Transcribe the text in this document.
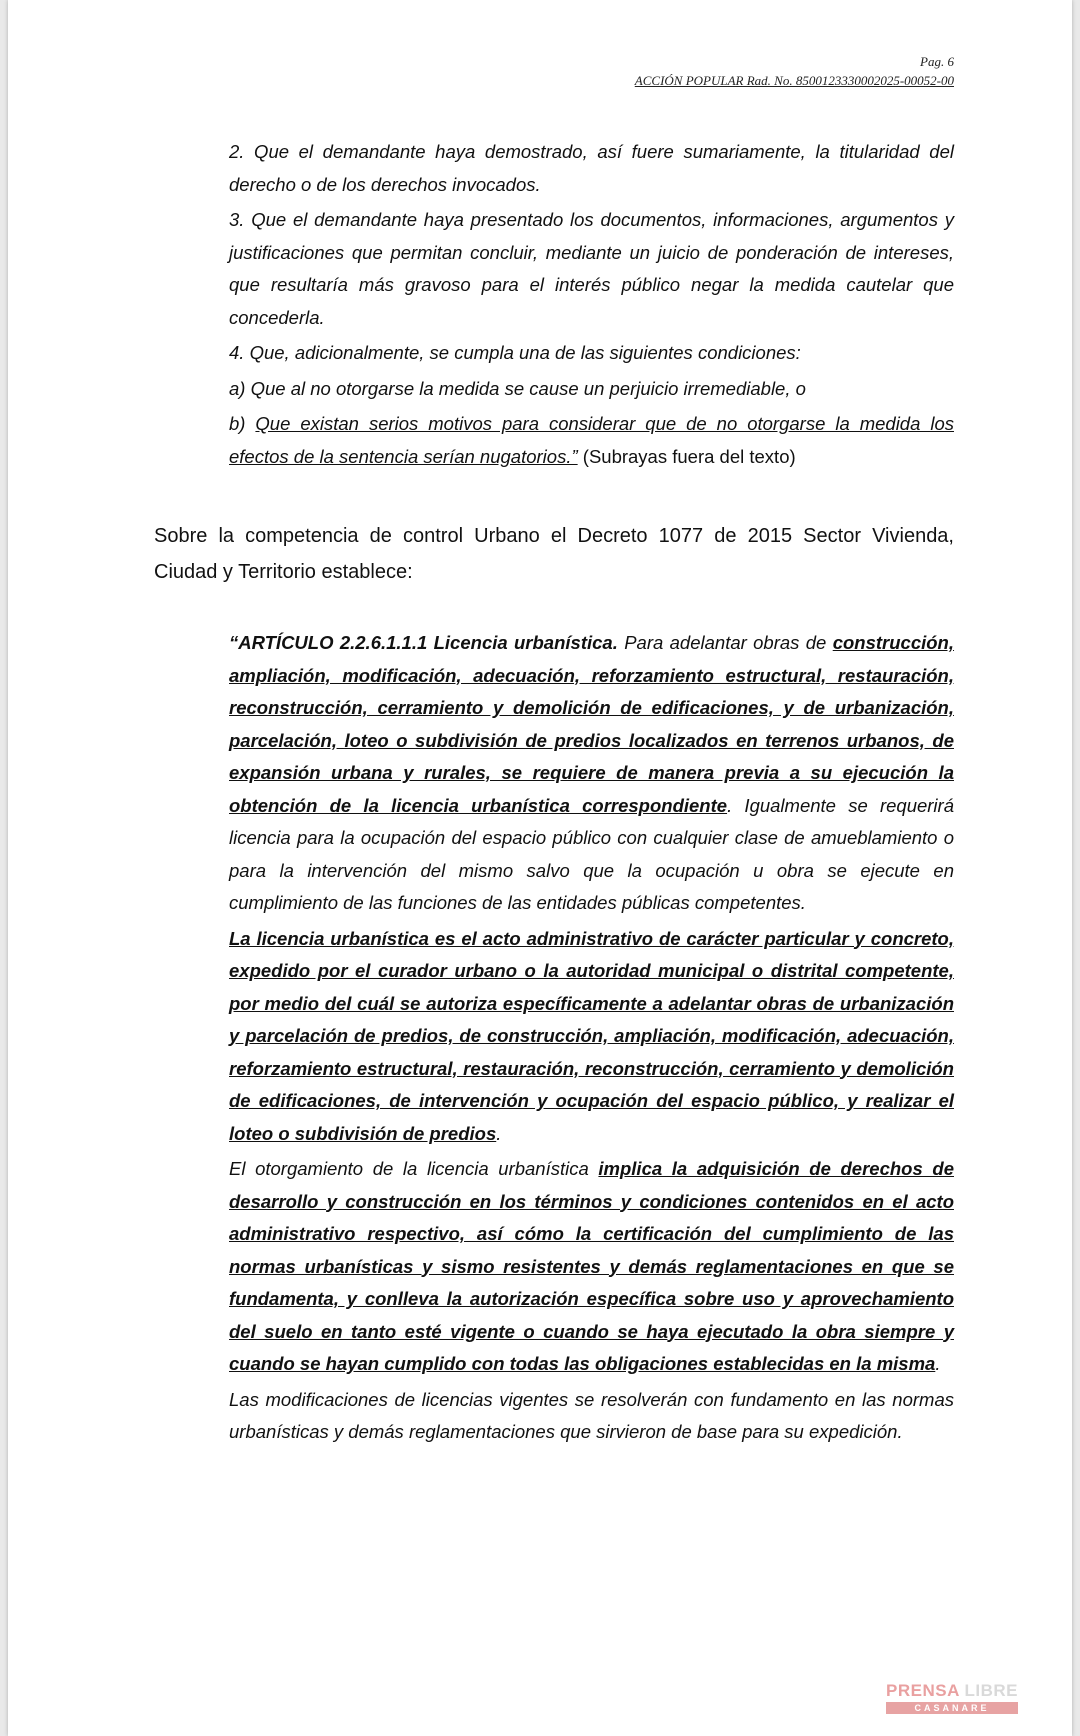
Pag. 6
ACCIÓN POPULAR Rad. No. 8500123330002025-00052-00

2. Que el demandante haya demostrado, así fuere sumariamente, la titularidad del derecho o de los derechos invocados.

3. Que el demandante haya presentado los documentos, informaciones, argumentos y justificaciones que permitan concluir, mediante un juicio de ponderación de intereses, que resultaría más gravoso para el interés público negar la medida cautelar que concederla.

4. Que, adicionalmente, se cumpla una de las siguientes condiciones:

a) Que al no otorgarse la medida se cause un perjuicio irremediable, o

b) Que existan serios motivos para considerar que de no otorgarse la medida los efectos de la sentencia serían nugatorios.” (Subrayas fuera del texto)

Sobre la competencia de control Urbano el Decreto 1077 de 2015 Sector Vivienda, Ciudad y Territorio establece:

“ARTÍCULO 2.2.6.1.1.1 Licencia urbanística. Para adelantar obras de construcción, ampliación, modificación, adecuación, reforzamiento estructural, restauración, reconstrucción, cerramiento y demolición de edificaciones, y de urbanización, parcelación, loteo o subdivisión de predios localizados en terrenos urbanos, de expansión urbana y rurales, se requiere de manera previa a su ejecución la obtención de la licencia urbanística correspondiente. Igualmente se requerirá licencia para la ocupación del espacio público con cualquier clase de amueblamiento o para la intervención del mismo salvo que la ocupación u obra se ejecute en cumplimiento de las funciones de las entidades públicas competentes.

La licencia urbanística es el acto administrativo de carácter particular y concreto, expedido por el curador urbano o la autoridad municipal o distrital competente, por medio del cuál se autoriza específicamente a adelantar obras de urbanización y parcelación de predios, de construcción, ampliación, modificación, adecuación, reforzamiento estructural, restauración, reconstrucción, cerramiento y demolición de edificaciones, de intervención y ocupación del espacio público, y realizar el loteo o subdivisión de predios.

El otorgamiento de la licencia urbanística implica la adquisición de derechos de desarrollo y construcción en los términos y condiciones contenidos en el acto administrativo respectivo, así cómo la certificación del cumplimiento de las normas urbanísticas y sismo resistentes y demás reglamentaciones en que se fundamenta, y conlleva la autorización específica sobre uso y aprovechamiento del suelo en tanto esté vigente o cuando se haya ejecutado la obra siempre y cuando se hayan cumplido con todas las obligaciones establecidas en la misma.

Las modificaciones de licencias vigentes se resolverán con fundamento en las normas urbanísticas y demás reglamentaciones que sirvieron de base para su expedición.

PRENSA LIBRE
CASANARE
